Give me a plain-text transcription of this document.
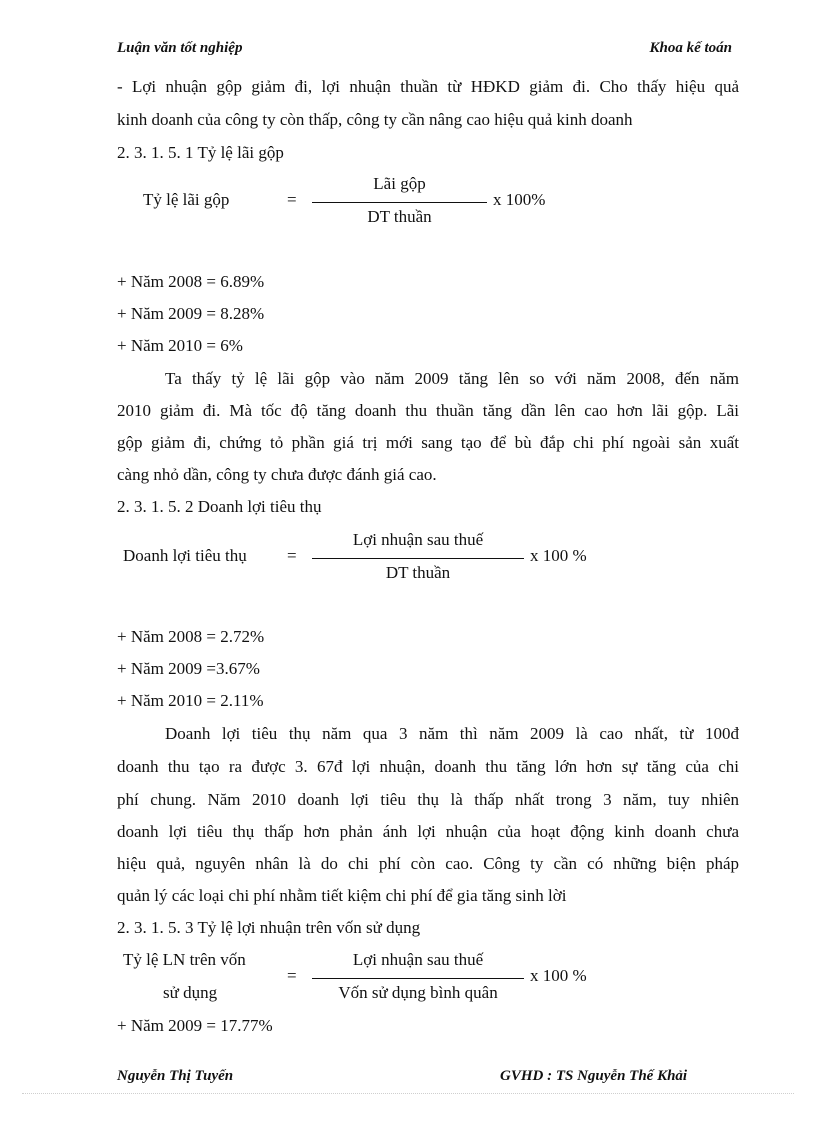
Luận văn tốt nghiệp	Khoa kế toán
- Lợi nhuận gộp giảm đi, lợi nhuận thuần từ HĐKD giảm đi. Cho thấy hiệu quả
kinh doanh của công ty còn thấp, công ty cần nâng cao hiệu quả kinh doanh
2. 3. 1. 5. 1 Tỷ lệ lãi gộp
Tỷ lệ lãi gộp	=
Lãi gộp
DT thuần
x 100%
+ Năm 2008 = 6.89%
+ Năm 2009 = 8.28%
+ Năm 2010 = 6%
Ta thấy tỷ lệ lãi gộp vào năm 2009 tăng lên so với năm 2008, đến năm
2010 giảm đi. Mà tốc độ tăng doanh thu thuần tăng dần lên cao hơn lãi gộp. Lãi
gộp giảm đi, chứng tỏ phần giá trị mới sang tạo để bù đắp chi phí ngoài sản xuất
càng nhỏ dần, công ty chưa được đánh giá cao.
2. 3. 1. 5. 2 Doanh lợi tiêu thụ
Doanh lợi tiêu thụ =
Lợi nhuận sau thuế
DT thuần
x 100 %
+ Năm 2008 = 2.72%
+ Năm 2009 =3.67%
+ Năm 2010 = 2.11%
Doanh lợi tiêu thụ năm qua 3 năm thì năm 2009 là cao nhất, từ 100đ
doanh thu tạo ra được 3. 67đ lợi nhuận, doanh thu tăng lớn hơn sự tăng của chi
phí chung. Năm 2010 doanh lợi tiêu thụ là thấp nhất trong 3 năm, tuy nhiên
doanh lợi tiêu thụ thấp hơn phản ánh lợi nhuận của hoạt động kinh doanh chưa
hiệu quả, nguyên nhân là do chi phí còn cao. Công ty cần có những biện pháp
quản lý các loại chi phí nhằm tiết kiệm chi phí để gia tăng sinh lời
2. 3. 1. 5. 3 Tỷ lệ lợi nhuận trên vốn sử dụng
Tỷ lệ LN trên vốn
sử dụng
=
Lợi nhuận sau thuế
Vốn sử dụng bình quân
x 100 %
+ Năm 2009 = 17.77%
Nguyễn Thị Tuyến	GVHD : TS Nguyễn Thế Khải
